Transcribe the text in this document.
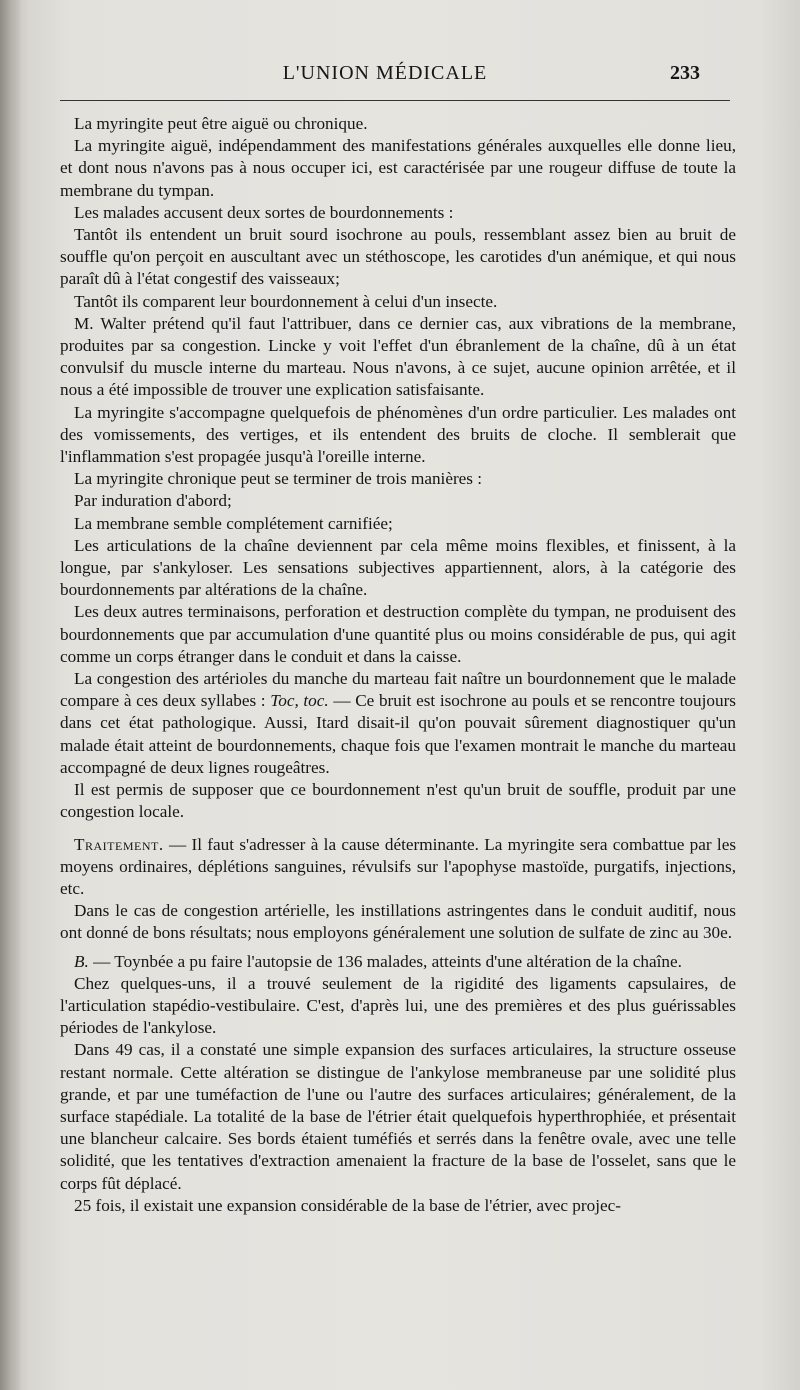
L'UNION MÉDICALE	233

La myringite peut être aiguë ou chronique.

La myringite aiguë, indépendamment des manifestations générales auxquelles elle donne lieu, et dont nous n'avons pas à nous occuper ici, est caractérisée par une rougeur diffuse de toute la membrane du tympan.

Les malades accusent deux sortes de bourdonnements :

Tantôt ils entendent un bruit sourd isochrone au pouls, ressemblant assez bien au bruit de souffle qu'on perçoit en auscultant avec un stéthoscope, les carotides d'un anémique, et qui nous paraît dû à l'état congestif des vaisseaux;

Tantôt ils comparent leur bourdonnement à celui d'un insecte.

M. Walter prétend qu'il faut l'attribuer, dans ce dernier cas, aux vibrations de la membrane, produites par sa congestion. Lincke y voit l'effet d'un ébranlement de la chaîne, dû à un état convulsif du muscle interne du marteau. Nous n'avons, à ce sujet, aucune opinion arrêtée, et il nous a été impossible de trouver une explication satisfaisante.

La myringite s'accompagne quelquefois de phénomènes d'un ordre particulier. Les malades ont des vomissements, des vertiges, et ils entendent des bruits de cloche. Il semblerait que l'inflammation s'est propagée jusqu'à l'oreille interne.

La myringite chronique peut se terminer de trois manières :

Par induration d'abord;

La membrane semble complétement carnifiée;

Les articulations de la chaîne deviennent par cela même moins flexibles, et finissent, à la longue, par s'ankyloser. Les sensations subjectives appartiennent, alors, à la catégorie des bourdonnements par altérations de la chaîne.

Les deux autres terminaisons, perforation et destruction complète du tympan, ne produisent des bourdonnements que par accumulation d'une quantité plus ou moins considérable de pus, qui agit comme un corps étranger dans le conduit et dans la caisse.

La congestion des artérioles du manche du marteau fait naître un bourdonnement que le malade compare à ces deux syllabes : Toc, toc. — Ce bruit est isochrone au pouls et se rencontre toujours dans cet état pathologique. Aussi, Itard disait-il qu'on pouvait sûrement diagnostiquer qu'un malade était atteint de bourdonnements, chaque fois que l'examen montrait le manche du marteau accompagné de deux lignes rougeâtres.

Il est permis de supposer que ce bourdonnement n'est qu'un bruit de souffle, produit par une congestion locale.

Traitement. — Il faut s'adresser à la cause déterminante. La myringite sera combattue par les moyens ordinaires, déplétions sanguines, révulsifs sur l'apophyse mastoïde, purgatifs, injections, etc.

Dans le cas de congestion artérielle, les instillations astringentes dans le conduit auditif, nous ont donné de bons résultats; nous employons généralement une solution de sulfate de zinc au 30e.

B. — Toynbée a pu faire l'autopsie de 136 malades, atteints d'une altération de la chaîne.

Chez quelques-uns, il a trouvé seulement de la rigidité des ligaments capsulaires, de l'articulation stapédio-vestibulaire. C'est, d'après lui, une des premières et des plus guérissables périodes de l'ankylose.

Dans 49 cas, il a constaté une simple expansion des surfaces articulaires, la structure osseuse restant normale. Cette altération se distingue de l'ankylose membraneuse par une solidité plus grande, et par une tuméfaction de l'une ou l'autre des surfaces articulaires; généralement, de la surface stapédiale. La totalité de la base de l'étrier était quelquefois hyperthrophiée, et présentait une blancheur calcaire. Ses bords étaient tuméfiés et serrés dans la fenêtre ovale, avec une telle solidité, que les tentatives d'extraction amenaient la fracture de la base de l'osselet, sans que le corps fût déplacé.

25 fois, il existait une expansion considérable de la base de l'étrier, avec projec-
